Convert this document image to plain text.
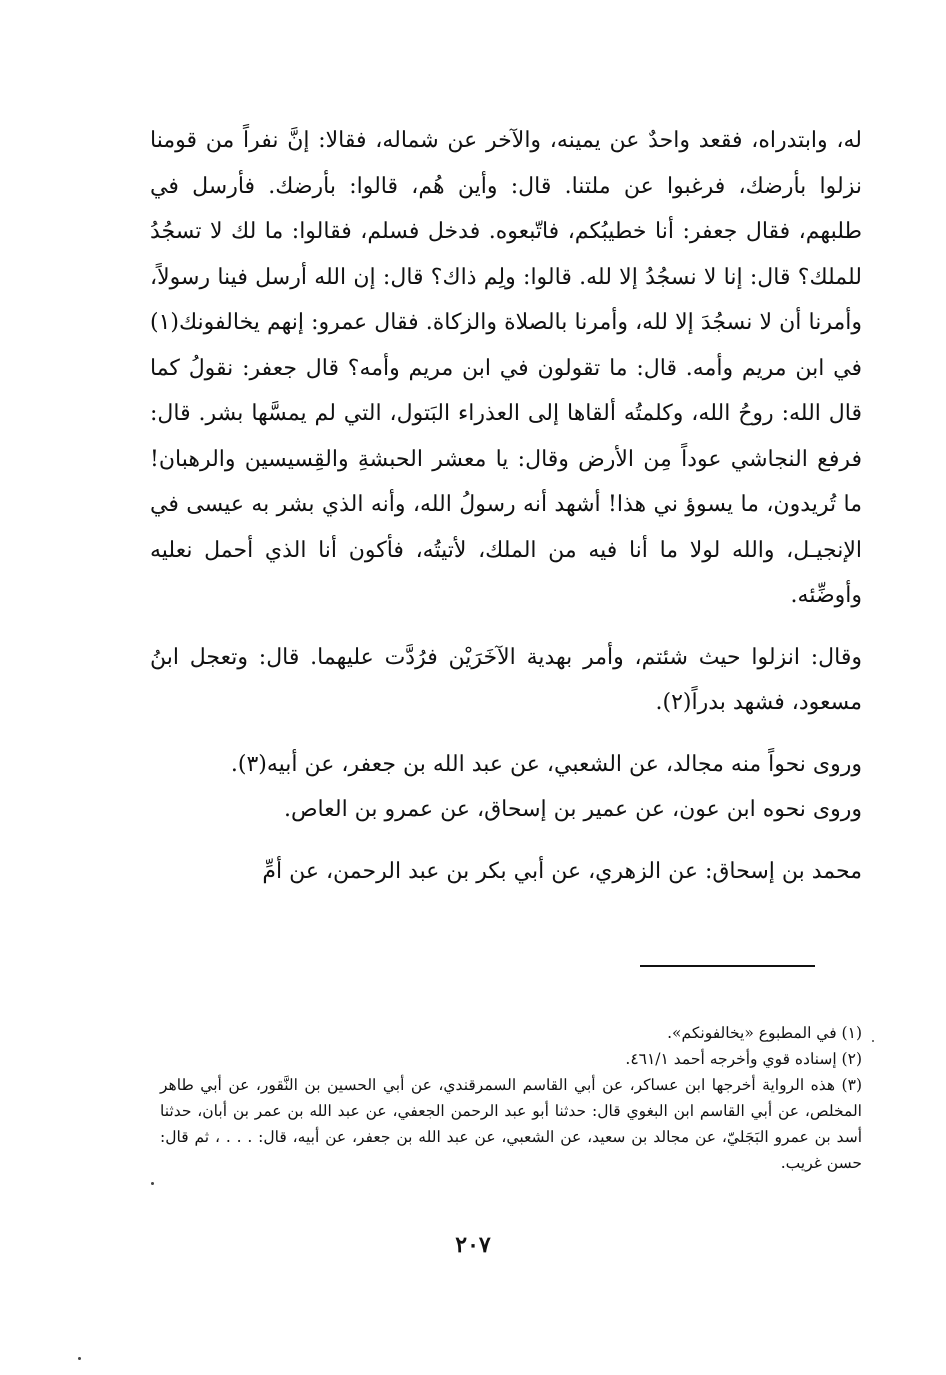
له، وابتدراه، فقعد واحدٌ عن يمينه، والآخر عن شماله، فقالا: إنَّ نفراً من قومنا نزلوا بأرضك، فرغبوا عن ملتنا. قال: وأين هُم، قالوا: بأرضك. فأرسل في طلبهم، فقال جعفر: أنا خطيبُكم، فاتّبعوه. فدخل فسلم، فقالوا: ما لك لا تسجُدُ للملك؟ قال: إنا لا نسجُدُ إلا لله. قالوا: ولِم ذاك؟ قال: إن الله أرسل فينا رسولاً، وأمرنا أن لا نسجُدَ إلا لله، وأمرنا بالصلاة والزكاة. فقال عمرو: إنهم يخالفونك(١) في ابن مريم وأمه. قال: ما تقولون في ابن مريم وأمه؟ قال جعفر: نقولُ كما قال الله: روحُ الله، وكلمتُه ألقاها إلى العذراء البَتول، التي لم يمسَّها بشر. قال: فرفع النجاشي عوداً مِن الأرض وقال: يا معشر الحبشةِ والقِسيسين والرهبان! ما تُريدون، ما يسوؤ ني هذا! أشهد أنه رسولُ الله، وأنه الذي بشر به عيسى في الإنجيـل، والله لولا ما أنا فيه من الملك، لأتيتُه، فأكون أنا الذي أحمل نعليه وأوضِّئه.

وقال: انزلوا حيث شئتم، وأمر بهدية الآخَرَيْن فرُدَّت عليهما. قال: وتعجل ابنُ مسعود، فشهد بدراً(٢).

وروى نحواً منه مجالد، عن الشعبي، عن عبد الله بن جعفر، عن أبيه(٣).

وروى نحوه ابن عون، عن عمير بن إسحاق، عن عمرو بن العاص.

محمد بن إسحاق: عن الزهري، عن أبي بكر بن عبد الرحمن، عن أمِّ

(١) في المطبوع «يخالفونكم».

(٢) إسناده قوي وأخرجه أحمد ٤٦١/١.

(٣) هذه الرواية أخرجها ابن عساكر، عن أبي القاسم السمرقندي، عن أبي الحسين بن النَّقور، عن أبي طاهر المخلص، عن أبي القاسم ابن البغوي قال: حدثنا أبو عبد الرحمن الجعفي، عن عبد الله بن عمر بن أبان، حدثنا أسد بن عمرو البَجَليّ، عن مجالد بن سعيد، عن الشعبي، عن عبد الله بن جعفر، عن أبيه، قال: . . . ، ثم قال: حسن غريب.

٢٠٧
